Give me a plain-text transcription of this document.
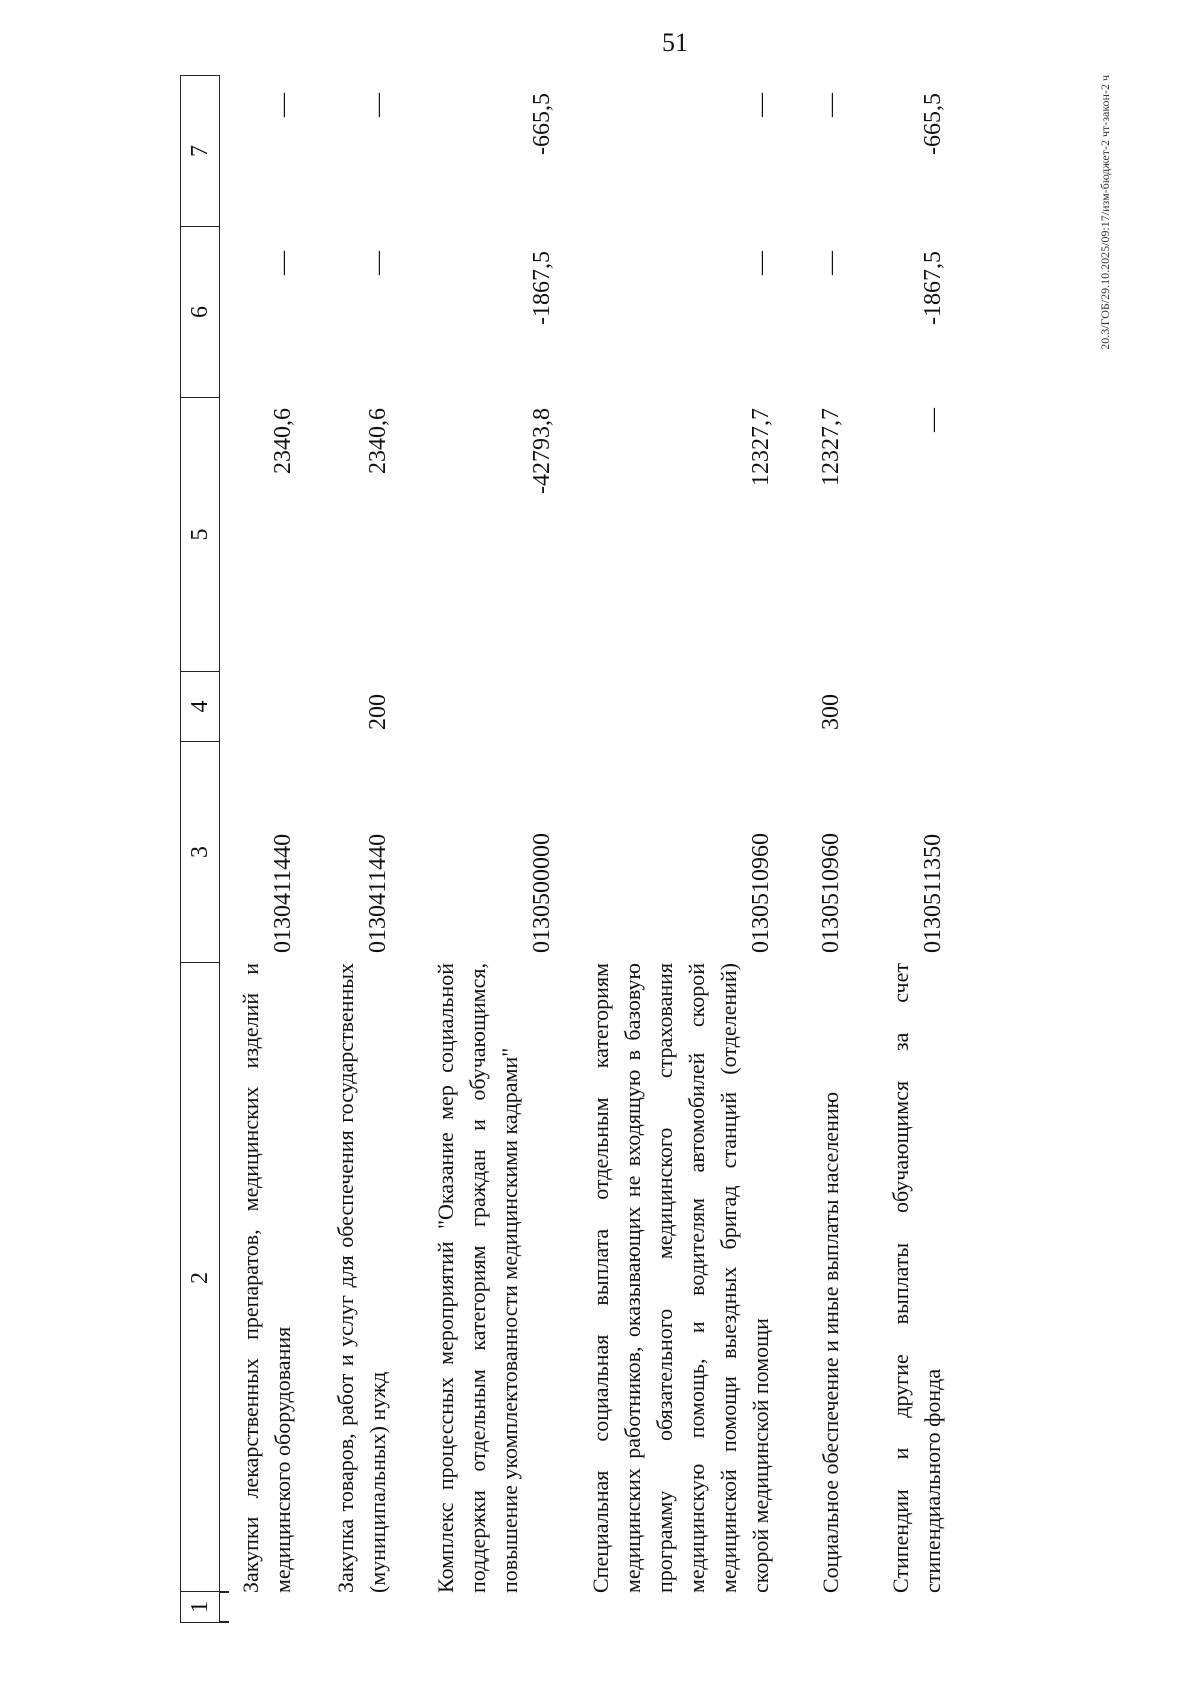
51
20.3/ГОБ/29.10.2025/09:17/изм-бюджет-2 чт-закон-2 ч
1
2
3
4
5
6
7
Закупки лекарственных препаратов, медицинских изделий и медицинского оборудования
0130411440
2340,6
—
—
Закупка товаров, работ и услуг для обеспечения государственных (муниципальных) нужд
0130411440
200
2340,6
—
—
Комплекс процессных мероприятий "Оказание мер социальной поддержки отдельным категориям граждан и обучающимся, повышение укомплектованности медицинскими кадрами"
0130500000
-42793,8
-1867,5
-665,5
Специальная социальная выплата отдельным категориям медицинских работников, оказывающих не входящую в базовую программу обязательного медицинского страхования медицинскую помощь, и водителям автомобилей скорой медицинской помощи выездных бригад станций (отделений) скорой медицинской помощи
0130510960
12327,7
—
—
Социальное обеспечение и иные выплаты населению
0130510960
300
12327,7
—
—
Стипендии и другие выплаты обучающимся за счет стипендиального фонда
0130511350
—
-1867,5
-665,5
